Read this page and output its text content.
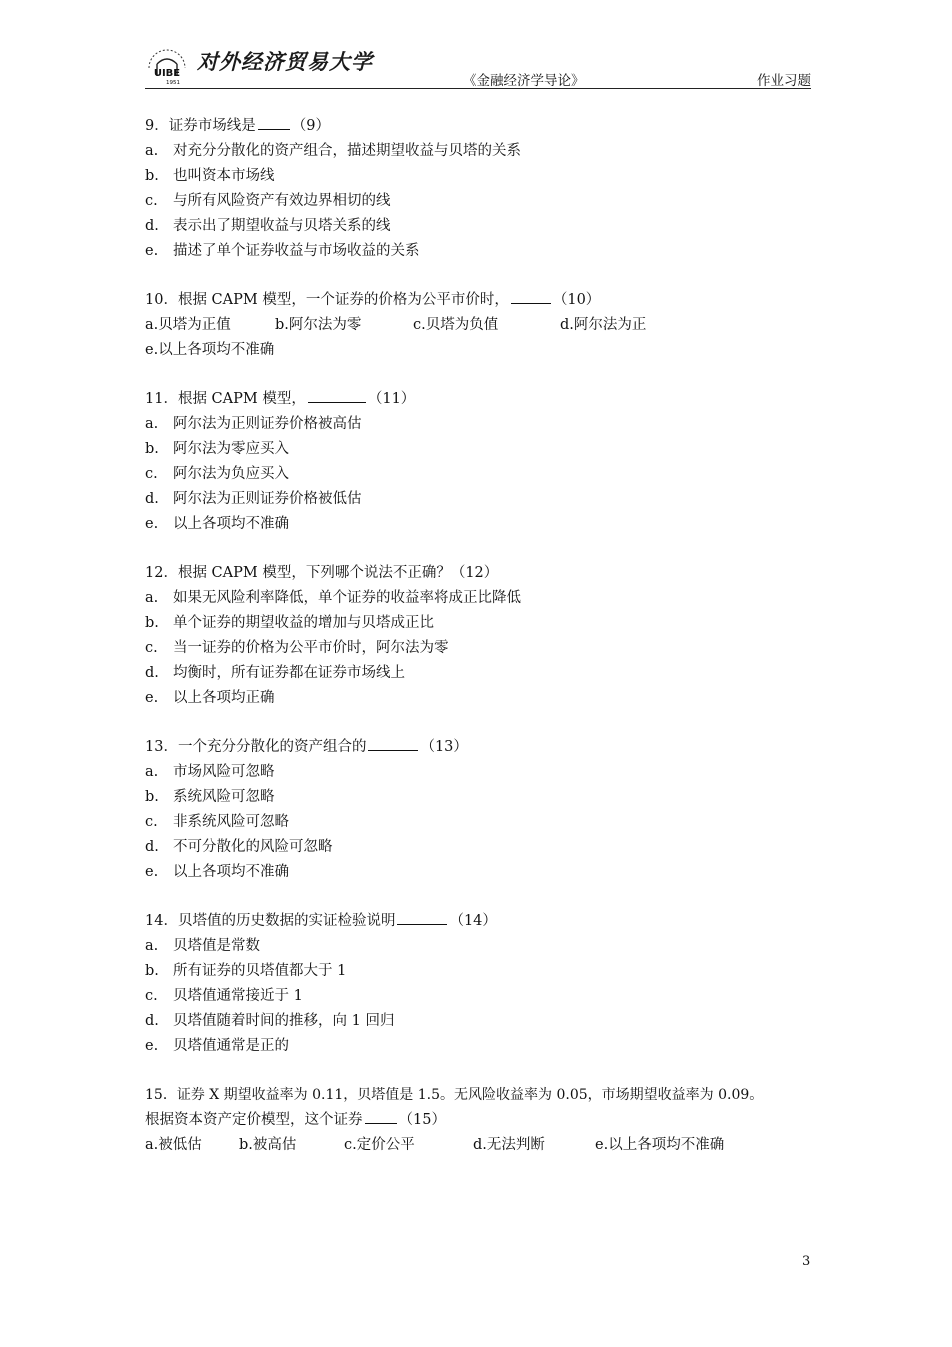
UIBE
1951
对外经济贸易大学
《金融经济学导论》	作业习题
9．证券市场线是 （9）
a.	对充分分散化的资产组合，描述期望收益与贝塔的关系
b. 也叫资本市场线
c.	与所有风险资产有效边界相切的线
d. 表示出了期望收益与贝塔关系的线
e.	描述了单个证券收益与市场收益的关系
10．根据 CAPM 模型，一个证券的价格为公平市价时，	（10）
a.贝塔为正值	b.阿尔法为零	c.贝塔为负值	d.阿尔法为正
e.以上各项均不准确
11．根据 CAPM 模型，	（11）
a.	阿尔法为正则证券价格被高估
b. 阿尔法为零应买入
c.	阿尔法为负应买入
d. 阿尔法为正则证券价格被低估
e.	以上各项均不准确
12．根据 CAPM 模型，下列哪个说法不正确？（12）
a.	如果无风险利率降低，单个证券的收益率将成正比降低
b. 单个证券的期望收益的增加与贝塔成正比
c.	当一证券的价格为公平市价时，阿尔法为零
d. 均衡时，所有证券都在证券市场线上
e.	以上各项均正确
13．一个充分分散化的资产组合的	（13）
a.	市场风险可忽略
b. 系统风险可忽略
c.	非系统风险可忽略
d. 不可分散化的风险可忽略
e.	以上各项均不准确
14．贝塔值的历史数据的实证检验说明	（14）
a.	贝塔值是常数
b. 所有证券的贝塔值都大于 1
c.	贝塔值通常接近于 1
d. 贝塔值随着时间的推移，向 1 回归
e.	贝塔值通常是正的
15．证券 X 期望收益率为 0.11，贝塔值是 1.5。无风险收益率为 0.05，市场期望收益率为 0.09。
根据资本资产定价模型，这个证券 （15）
a.被低估	b.被高估	c.定价公平	d.无法判断	e.以上各项均不准确
3
